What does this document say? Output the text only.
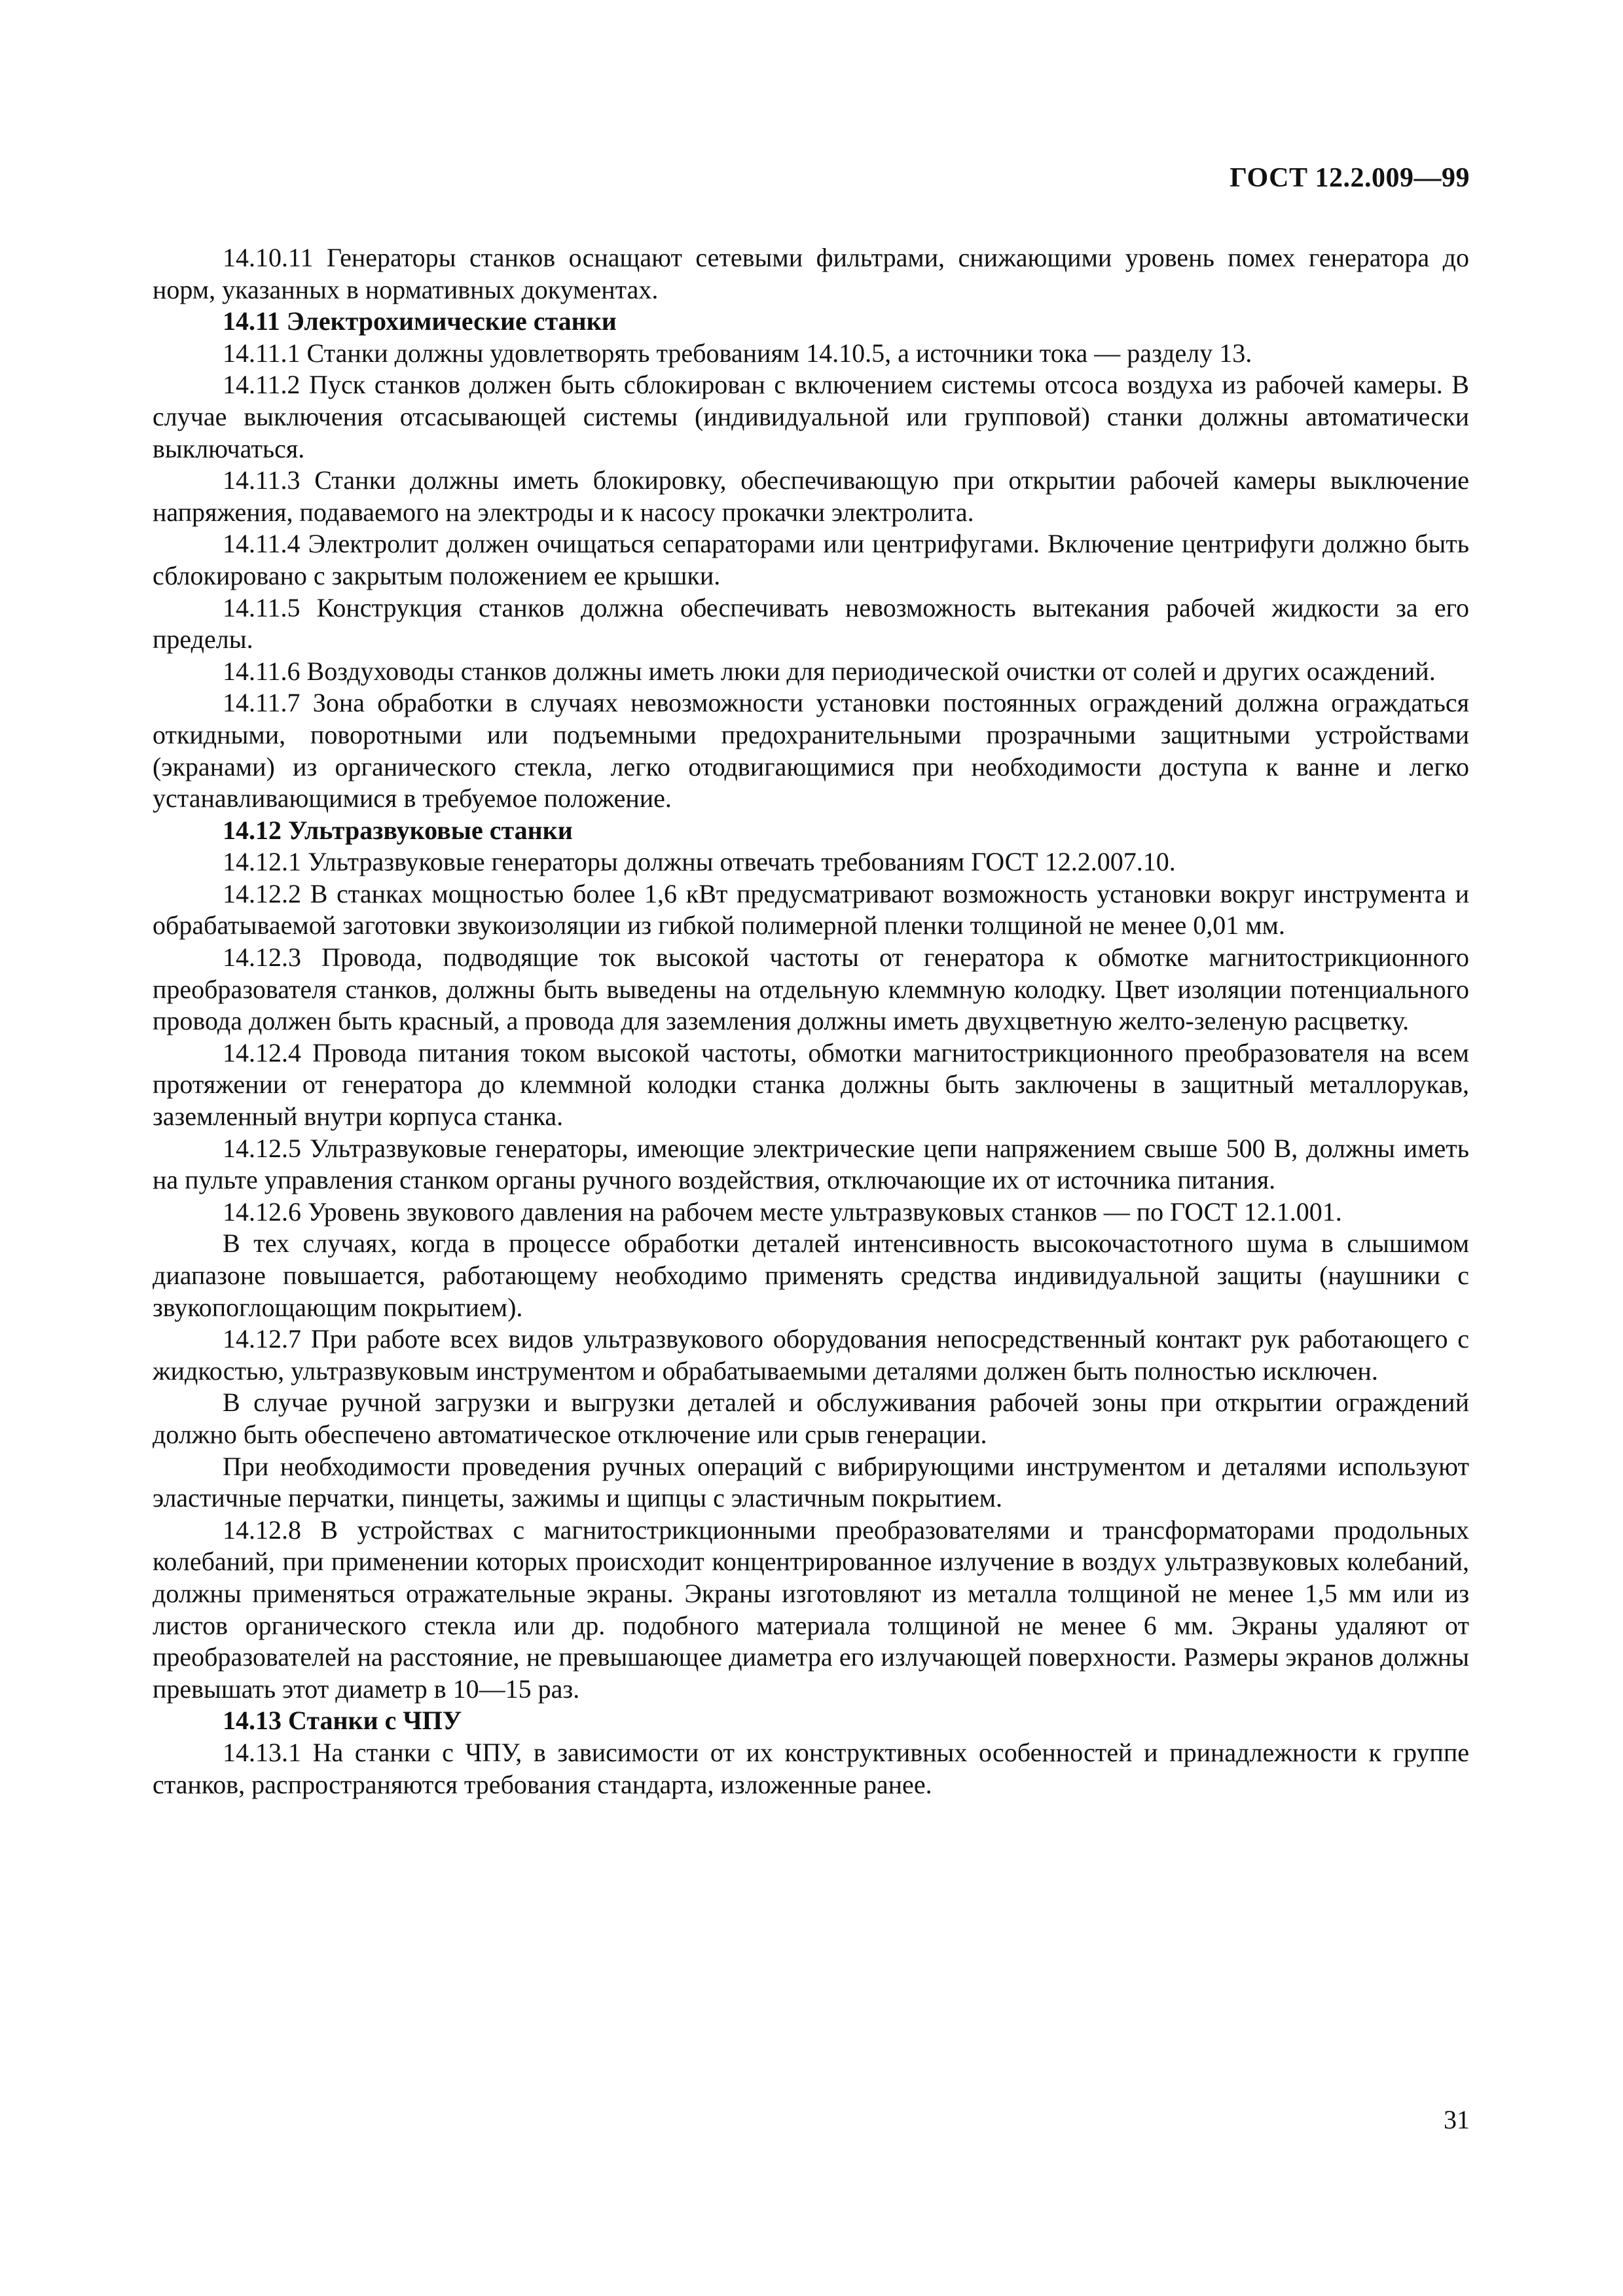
ГОСТ 12.2.009—99

14.10.11 Генераторы станков оснащают сетевыми фильтрами, снижающими уровень помех генератора до норм, указанных в нормативных документах.

14.11 Электрохимические станки

14.11.1 Станки должны удовлетворять требованиям 14.10.5, а источники тока — разделу 13.

14.11.2 Пуск станков должен быть сблокирован с включением системы отсоса воздуха из рабочей камеры. В случае выключения отсасывающей системы (индивидуальной или групповой) станки должны автоматически выключаться.

14.11.3 Станки должны иметь блокировку, обеспечивающую при открытии рабочей камеры выключение напряжения, подаваемого на электроды и к насосу прокачки электролита.

14.11.4 Электролит должен очищаться сепараторами или центрифугами. Включение центрифуги должно быть сблокировано с закрытым положением ее крышки.

14.11.5 Конструкция станков должна обеспечивать невозможность вытекания рабочей жидкости за его пределы.

14.11.6 Воздуховоды станков должны иметь люки для периодической очистки от солей и других осаждений.

14.11.7 Зона обработки в случаях невозможности установки постоянных ограждений должна ограждаться откидными, поворотными или подъемными предохранительными прозрачными защитными устройствами (экранами) из органического стекла, легко отодвигающимися при необходимости доступа к ванне и легко устанавливающимися в требуемое положение.

14.12 Ультразвуковые станки

14.12.1 Ультразвуковые генераторы должны отвечать требованиям ГОСТ 12.2.007.10.

14.12.2 В станках мощностью более 1,6 кВт предусматривают возможность установки вокруг инструмента и обрабатываемой заготовки звукоизоляции из гибкой полимерной пленки толщиной не менее 0,01 мм.

14.12.3 Провода, подводящие ток высокой частоты от генератора к обмотке магнитострикционного преобразователя станков, должны быть выведены на отдельную клеммную колодку. Цвет изоляции потенциального провода должен быть красный, а провода для заземления должны иметь двухцветную желто-зеленую расцветку.

14.12.4 Провода питания током высокой частоты, обмотки магнитострикционного преобразователя на всем протяжении от генератора до клеммной колодки станка должны быть заключены в защитный металлорукав, заземленный внутри корпуса станка.

14.12.5 Ультразвуковые генераторы, имеющие электрические цепи напряжением свыше 500 В, должны иметь на пульте управления станком органы ручного воздействия, отключающие их от источника питания.

14.12.6 Уровень звукового давления на рабочем месте ультразвуковых станков — по ГОСТ 12.1.001.

В тех случаях, когда в процессе обработки деталей интенсивность высокочастотного шума в слышимом диапазоне повышается, работающему необходимо применять средства индивидуальной защиты (наушники с звукопоглощающим покрытием).

14.12.7 При работе всех видов ультразвукового оборудования непосредственный контакт рук работающего с жидкостью, ультразвуковым инструментом и обрабатываемыми деталями должен быть полностью исключен.

В случае ручной загрузки и выгрузки деталей и обслуживания рабочей зоны при открытии ограждений должно быть обеспечено автоматическое отключение или срыв генерации.

При необходимости проведения ручных операций с вибрирующими инструментом и деталями используют эластичные перчатки, пинцеты, зажимы и щипцы с эластичным покрытием.

14.12.8 В устройствах с магнитострикционными преобразователями и трансформаторами продольных колебаний, при применении которых происходит концентрированное излучение в воздух ультразвуковых колебаний, должны применяться отражательные экраны. Экраны изготовляют из металла толщиной не менее 1,5 мм или из листов органического стекла или др. подобного материала толщиной не менее 6 мм. Экраны удаляют от преобразователей на расстояние, не превышающее диаметра его излучающей поверхности. Размеры экранов должны превышать этот диаметр в 10—15 раз.

14.13 Станки с ЧПУ

14.13.1 На станки с ЧПУ, в зависимости от их конструктивных особенностей и принадлежности к группе станков, распространяются требования стандарта, изложенные ранее.

31
